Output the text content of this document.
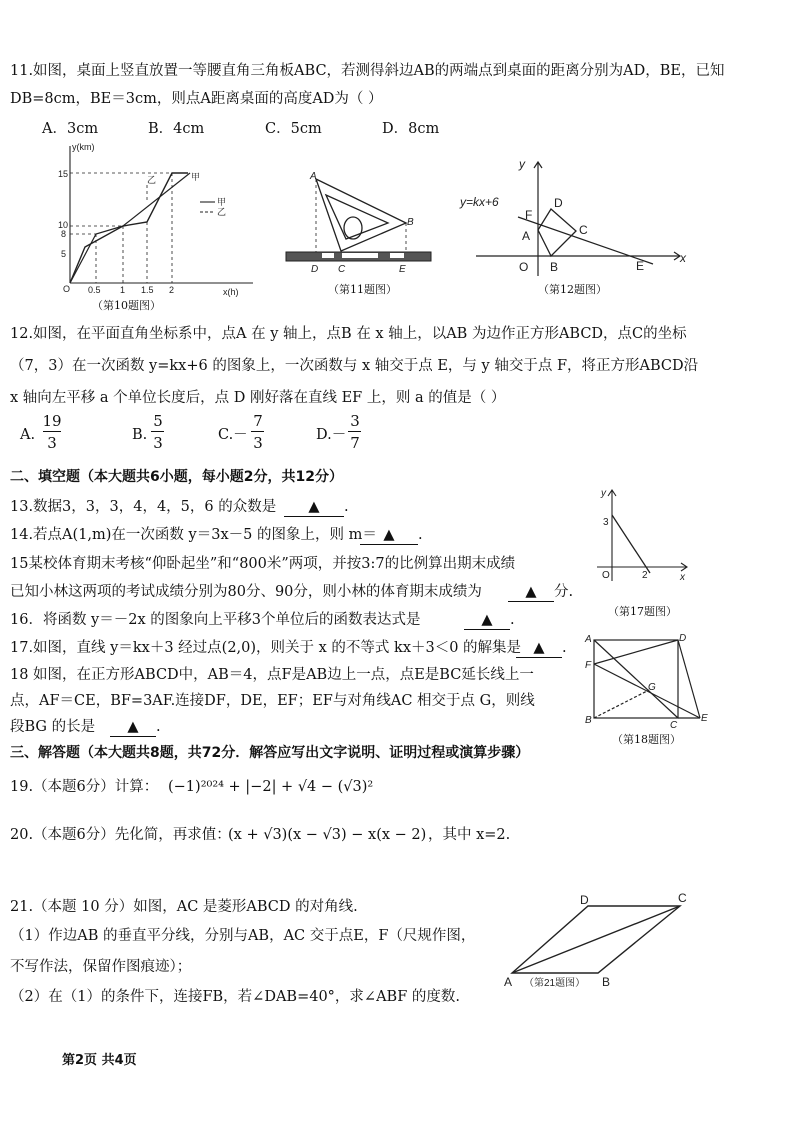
11.如图，桌面上竖直放置一等腰直角三角板ABC，若测得斜边AB的两端点到桌面的距离分别为AD，BE，已知
DB=8cm，BE＝3cm，则点A距离桌面的高度AD为（ ）
A．3cm	B．4cm	C．5cm	D．8cm
y(km)
x(h)
O
15
10
8
5
0.5 1 1.5 2
甲
乙
乙	甲
（第10题图）
A
B
C
D	E
（第11题图）
y=kx+6
y
x
O
A
B
C
D
E
F
（第12题图）
12.如图，在平面直角坐标系中，点A 在 y 轴上，点B 在 x 轴上，以AB 为边作正方形ABCD，点C的坐标
（7，3）在一次函数 y=kx+6 的图象上，一次函数与 x 轴交于点 E，与 y 轴交于点 F，将正方形ABCD沿
x 轴向左平移 a 个单位长度后，点 D 刚好落在直线 EF 上，则 a 的值是（ ）
A.
19
3	B.
5
3	C.－
7
3	D.－
3
7
二、填空题（本大题共6小题，每小题2分，共12分）
13.数据3，3，3，4，4，5，6 的众数是	▲ .
14.若点A(1,m)在一次函数 y＝3x－5 的图象上，则 m＝ ▲ .
15某校体育期末考核“仰卧起坐”和“800米”两项，并按3:7的比例算出期末成绩
已知小林这两项的考试成绩分别为80分、90分，则小林的体育期末成绩为	▲ 分.
16．将函数 y＝－2x 的图象向上平移3个单位后的函数表达式是	▲ .
17.如图，直线 y＝kx＋3 经过点(2,0)，则关于 x 的不等式 kx＋3＜0 的解集是 ▲ .
18 如图，在正方形ABCD中，AB＝4，点F是AB边上一点，点E是BC延长线上一
点，AF＝CE，BF=3AF.连接DF，DE，EF；EF与对角线AC 相交于点 G，则线
段BG 的长是	▲ .
y
x
O
3
2
（第17题图）
A	D
B	C
E
F
G
（第18题图）
三、解答题（本大题共8题，共72分．解答应写出文字说明、证明过程或演算步骤）
19.（本题6分）计算： (−1)²⁰²⁴ + |−2| + √4 − (√3)²
20.（本题6分）先化简，再求值：
(x + √3)(x − √3) − x(x − 2) ，其中 x=2.
21.（本题 10 分）如图，AC 是菱形ABCD 的对角线.
（1）作边AB 的垂直平分线，分别与AB，AC 交于点E，F（尺规作图，
不写作法，保留作图痕迹）；
（2）在（1）的条件下，连接FB，若∠DAB=40°，求∠ABF 的度数.
D	C
A	B
（第21题图）
第2页 共4页
